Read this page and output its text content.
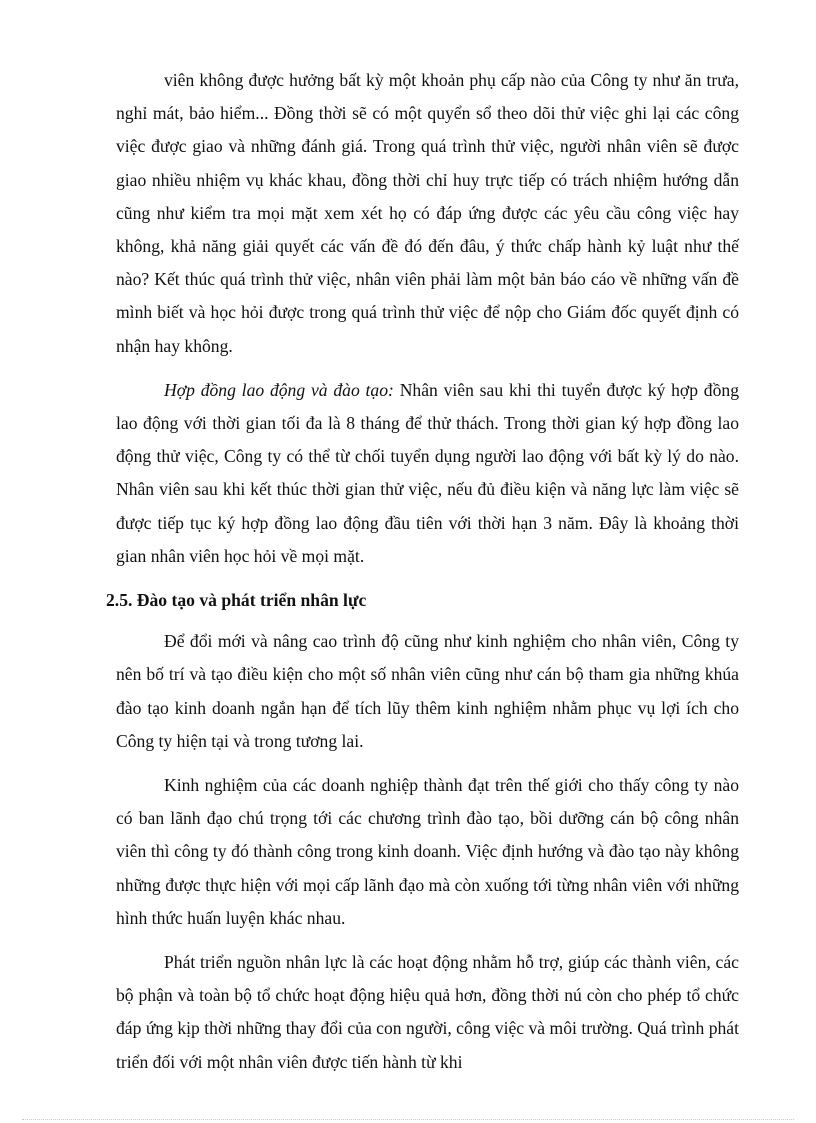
viên không được hưởng bất kỳ một khoản phụ cấp nào của Công ty như ăn trưa, nghỉ mát, bảo hiểm... Đồng thời sẽ có một quyển sổ theo dõi thử việc ghi lại các công việc được giao và những đánh giá. Trong quá trình thử việc, người nhân viên sẽ được giao nhiều nhiệm vụ khác khau, đồng thời chỉ huy trực tiếp có trách nhiệm hướng dẫn cũng như kiểm tra mọi mặt xem xét họ có đáp ứng được các yêu cầu công việc hay không, khả năng giải quyết các vấn đề đó đến đâu, ý thức chấp hành kỷ luật như thế nào? Kết thúc quá trình thử việc, nhân viên phải làm một bản báo cáo về những vấn đề mình biết và học hỏi được trong quá trình thử việc để nộp cho Giám đốc quyết định có nhận hay không.

Hợp đồng lao động và đào tạo: Nhân viên sau khi thi tuyển được ký hợp đồng lao động với thời gian tối đa là 8 tháng để thử thách. Trong thời gian ký hợp đồng lao động thử việc, Công ty có thể từ chối tuyển dụng người lao động với bất kỳ lý do nào. Nhân viên sau khi kết thúc thời gian thử việc, nếu đủ điều kiện và năng lực làm việc sẽ được tiếp tục ký hợp đồng lao động đầu tiên với thời hạn 3 năm. Đây là khoảng thời gian nhân viên học hỏi về mọi mặt.

2.5. Đào tạo và phát triển nhân lực

Để đổi mới và nâng cao trình độ cũng như kinh nghiệm cho nhân viên, Công ty nên bố trí và tạo điều kiện cho một số nhân viên cũng như cán bộ tham gia những khúa đào tạo kinh doanh ngắn hạn để tích lũy thêm kinh nghiệm nhằm phục vụ lợi ích cho Công ty hiện tại và trong tương lai.

Kinh nghiệm của các doanh nghiệp thành đạt trên thế giới cho thấy công ty nào có ban lãnh đạo chú trọng tới các chương trình đào tạo, bồi dưỡng cán bộ công nhân viên thì công ty đó thành công trong kinh doanh. Việc định hướng và đào tạo này không những được thực hiện với mọi cấp lãnh đạo mà còn xuống tới từng nhân viên với những hình thức huấn luyện khác nhau.

Phát triển nguồn nhân lực là các hoạt động nhằm hỗ trợ, giúp các thành viên, các bộ phận và toàn bộ tổ chức hoạt động hiệu quả hơn, đồng thời nú còn cho phép tổ chức đáp ứng kịp thời những thay đổi của con người, công việc và môi trường. Quá trình phát triển đối với một nhân viên được tiến hành từ khi
